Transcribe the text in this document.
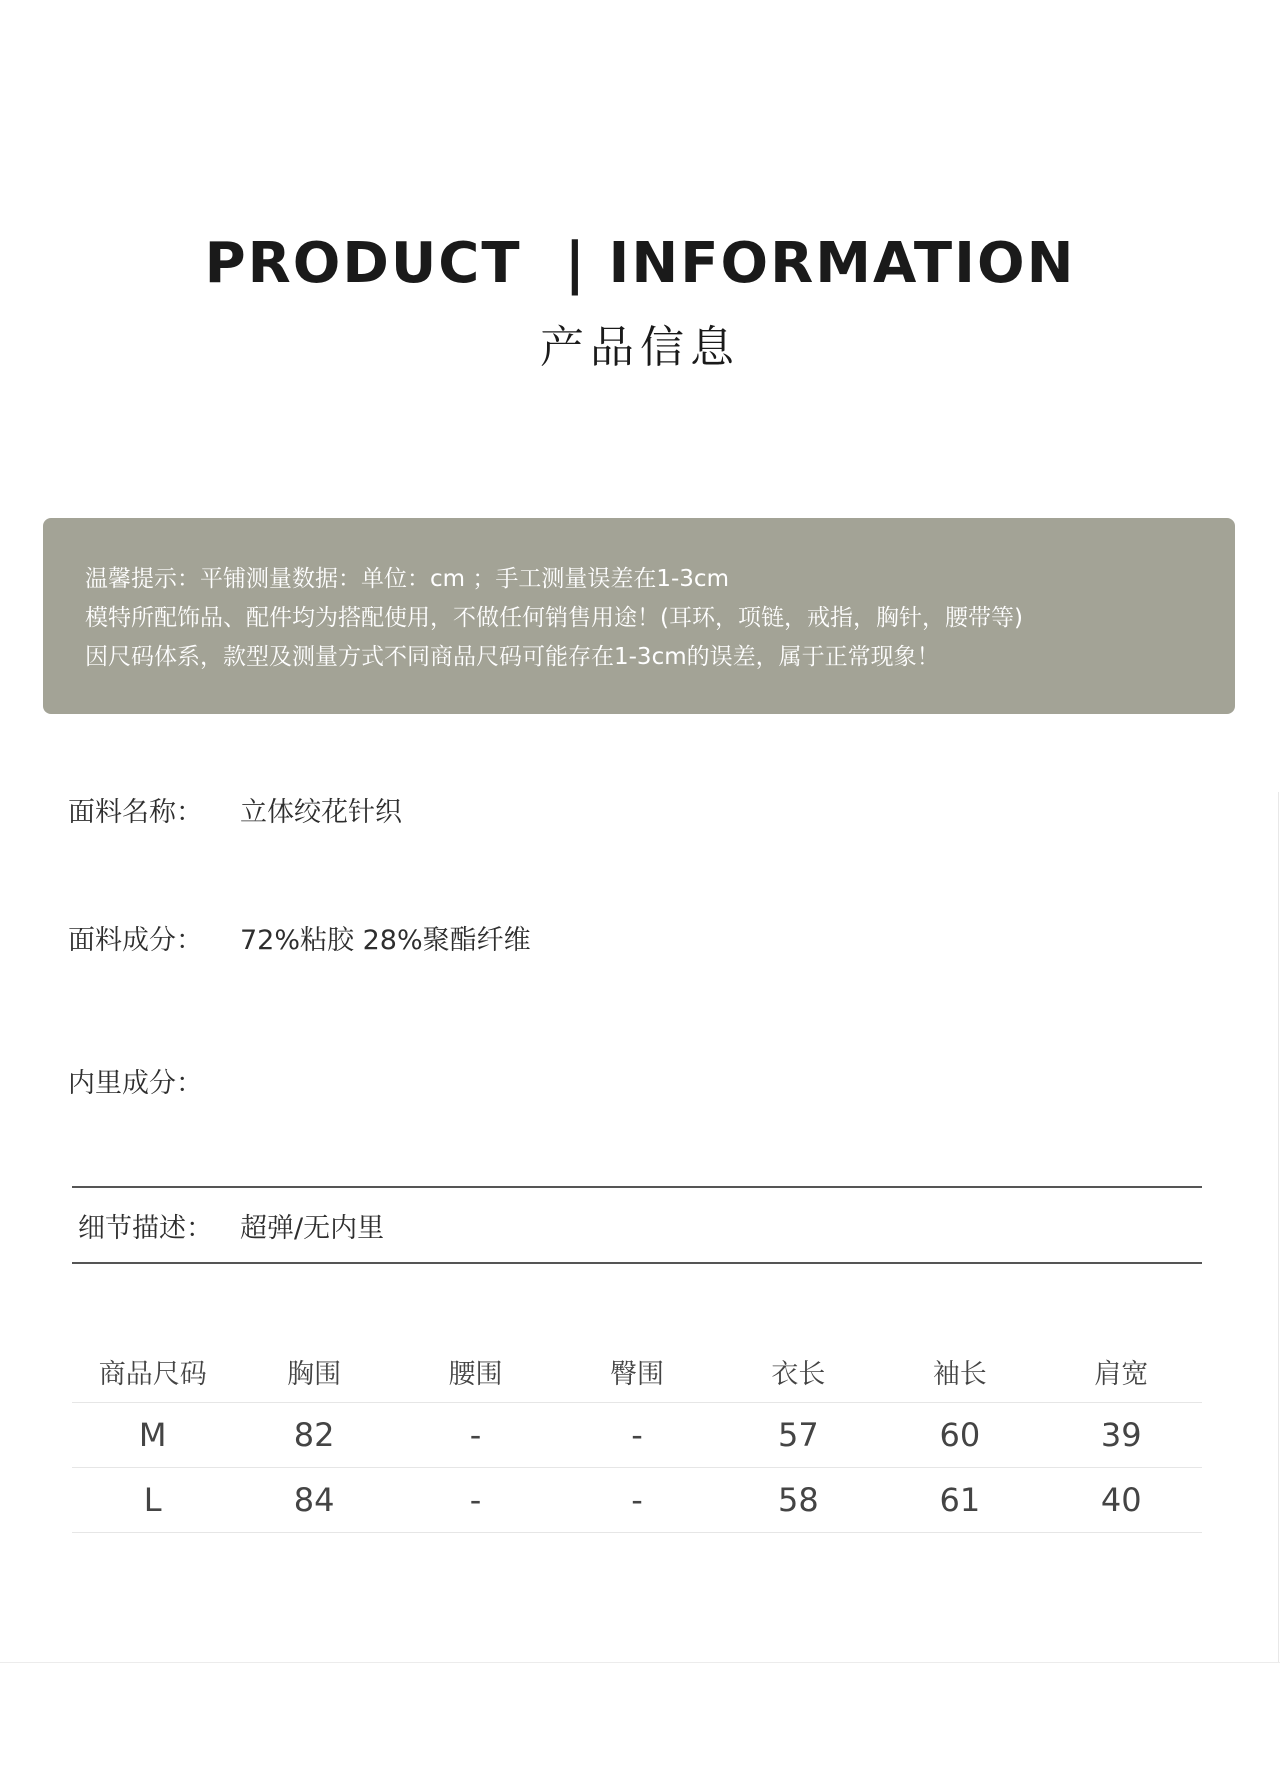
PRODUCT  | INFORMATION
产品信息
温馨提示：平铺测量数据：单位：cm ；手工测量误差在1-3cm
模特所配饰品、配件均为搭配使用，不做任何销售用途！(耳环，项链，戒指，胸针，腰带等)
因尺码体系，款型及测量方式不同商品尺码可能存在1-3cm的误差，属于正常现象！
面料名称： 立体绞花针织
面料成分： 72%粘胶 28%聚酯纤维
内里成分：
细节描述： 超弹/无内里
商品尺码	胸围	腰围	臀围	衣长	袖长	肩宽
M	82	-	-	57	60	39
L	84	-	-	58	61	40
